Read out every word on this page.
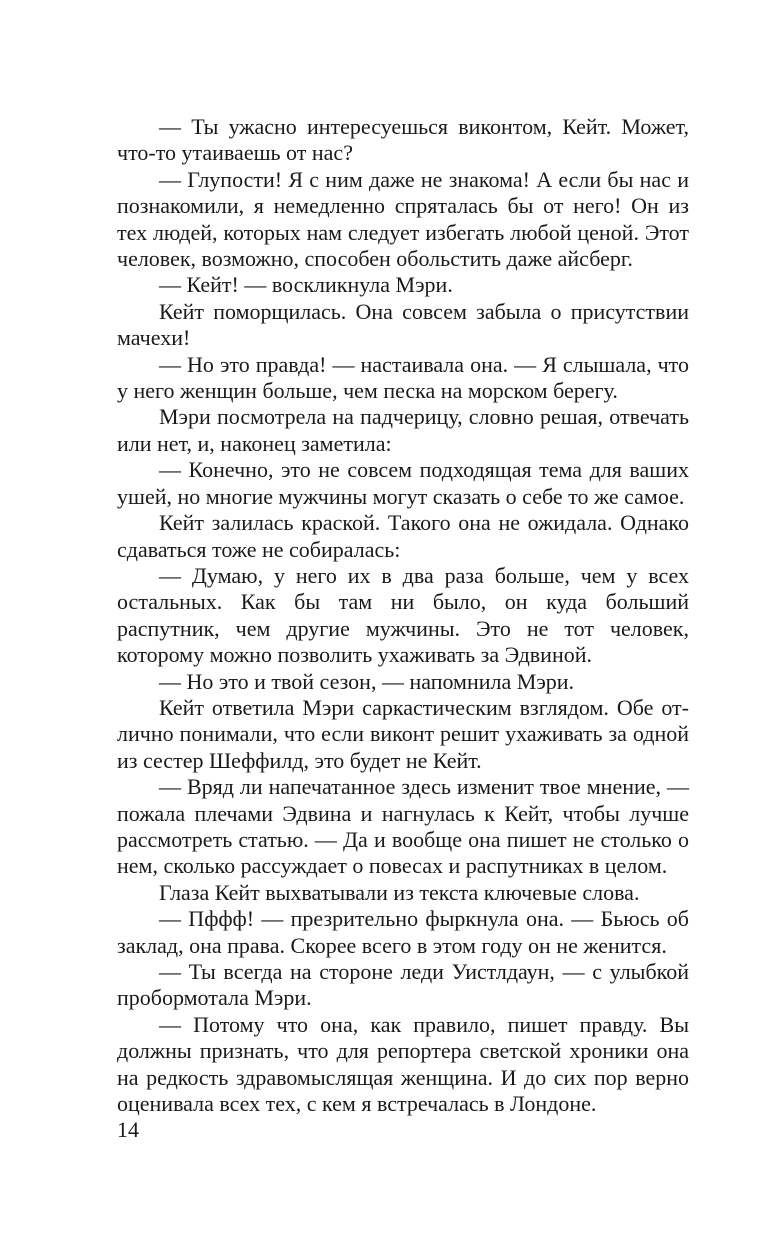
— Ты ужасно интересуешься виконтом, Кейт. Может, что-то утаиваешь от нас?

— Глупости! Я с ним даже не знакома! А если бы нас и познакомили, я немедленно спряталась бы от него! Он из тех людей, которых нам следует избегать любой ценой. Этот человек, возможно, способен обольстить даже айсберг.

— Кейт! — воскликнула Мэри.

Кейт поморщилась. Она совсем забыла о присутствии мачехи!

— Но это правда! — настаивала она. — Я слышала, что у него женщин больше, чем песка на морском берегу.

Мэри посмотрела на падчерицу, словно решая, отвечать или нет, и, наконец заметила:

— Конечно, это не совсем подходящая тема для ваших ушей, но многие мужчины могут сказать о себе то же самое.

Кейт залилась краской. Такого она не ожидала. Однако сдаваться тоже не собиралась:

— Думаю, у него их в два раза больше, чем у всех остальных. Как бы там ни было, он куда больший распутник, чем другие мужчины. Это не тот человек, которому можно позволить ухаживать за Эдвиной.

— Но это и твой сезон, — напомнила Мэри.

Кейт ответила Мэри саркастическим взглядом. Обе отлично понимали, что если виконт решит ухаживать за одной из сестер Шеффилд, это будет не Кейт.

— Вряд ли напечатанное здесь изменит твое мнение, — пожала плечами Эдвина и нагнулась к Кейт, чтобы лучше рассмотреть статью. — Да и вообще она пишет не столько о нем, сколько рассуждает о повесах и распутниках в целом.

Глаза Кейт выхватывали из текста ключевые слова.

— Пффф! — презрительно фыркнула она. — Бьюсь об заклад, она права. Скорее всего в этом году он не женится.

— Ты всегда на стороне леди Уистлдаун, — с улыбкой пробормотала Мэри.

— Потому что она, как правило, пишет правду. Вы должны признать, что для репортера светской хроники она на редкость здравомыслящая женщина. И до сих пор верно оценивала всех тех, с кем я встречалась в Лондоне.

14
